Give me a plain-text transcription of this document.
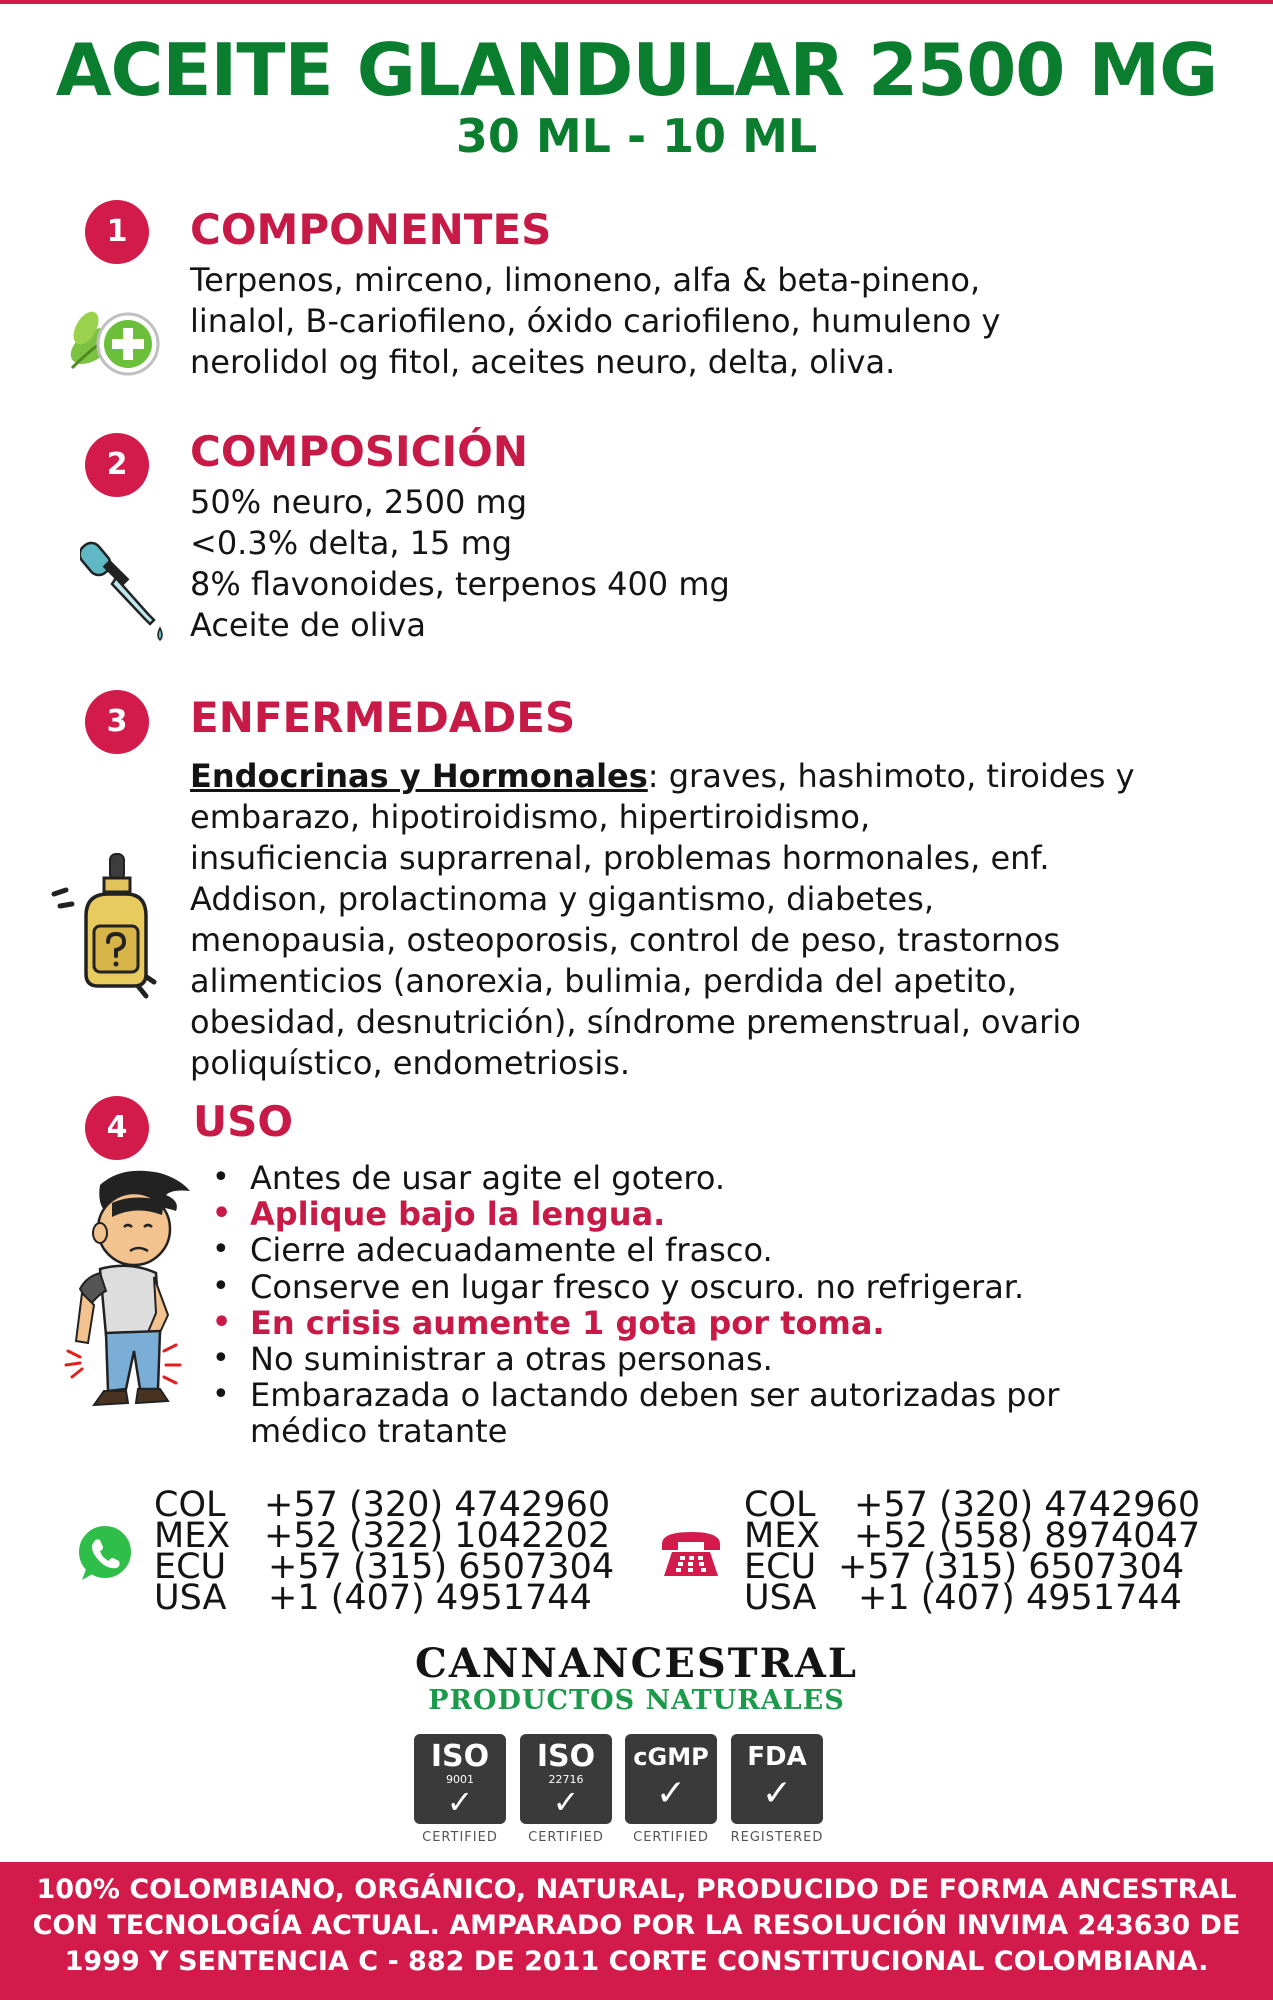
ACEITE GLANDULAR 2500 MG
30 ML - 10 ML
1	COMPONENTES
Terpenos, mirceno, limoneno, alfa & beta-pineno,
linalol, B-cariofileno, óxido cariofileno, humuleno y
nerolidol og fitol, aceites neuro, delta, oliva.
2	COMPOSICIÓN
50% neuro, 2500 mg
<0.3% delta, 15 mg
8% flavonoides, terpenos 400 mg
Aceite de oliva
3	ENFERMEDADES
Endocrinas y Hormonales: graves, hashimoto, tiroides y
embarazo, hipotiroidismo, hipertiroidismo,
insuficiencia suprarrenal, problemas hormonales, enf.
Addison, prolactinoma y gigantismo, diabetes,
menopausia, osteoporosis, control de peso, trastornos
alimenticios (anorexia, bulimia, perdida del apetito,
obesidad, desnutrición), síndrome premenstrual, ovario
poliquístico, endometriosis.
4	USO
• Antes de usar agite el gotero.
• Aplique bajo la lengua.
• Cierre adecuadamente el frasco.
• Conserve en lugar fresco y oscuro. no refrigerar.
• En crisis aumente 1 gota por toma.
• No suministrar a otras personas.
• Embarazada o lactando deben ser autorizadas por
médico tratante
COL +57 (320) 4742960
MEX +52 (322) 1042202
ECU +57 (315) 6507304
USA +1 (407) 4951744
COL +57 (320) 4742960
MEX +52 (558) 8974047
ECU +57 (315) 6507304
USA +1 (407) 4951744
CANNANCESTRAL
PRODUCTOS NATURALES
ISO
9001
✓
CERTIFIED
ISO
22716
✓
CERTIFIED
cGMP
✓
CERTIFIED
FDA
✓
REGISTERED
100% COLOMBIANO, ORGÁNICO, NATURAL, PRODUCIDO DE FORMA ANCESTRAL
CON TECNOLOGÍA ACTUAL. AMPARADO POR LA RESOLUCIÓN INVIMA 243630 DE
1999 Y SENTENCIA C - 882 DE 2011 CORTE CONSTITUCIONAL COLOMBIANA.
